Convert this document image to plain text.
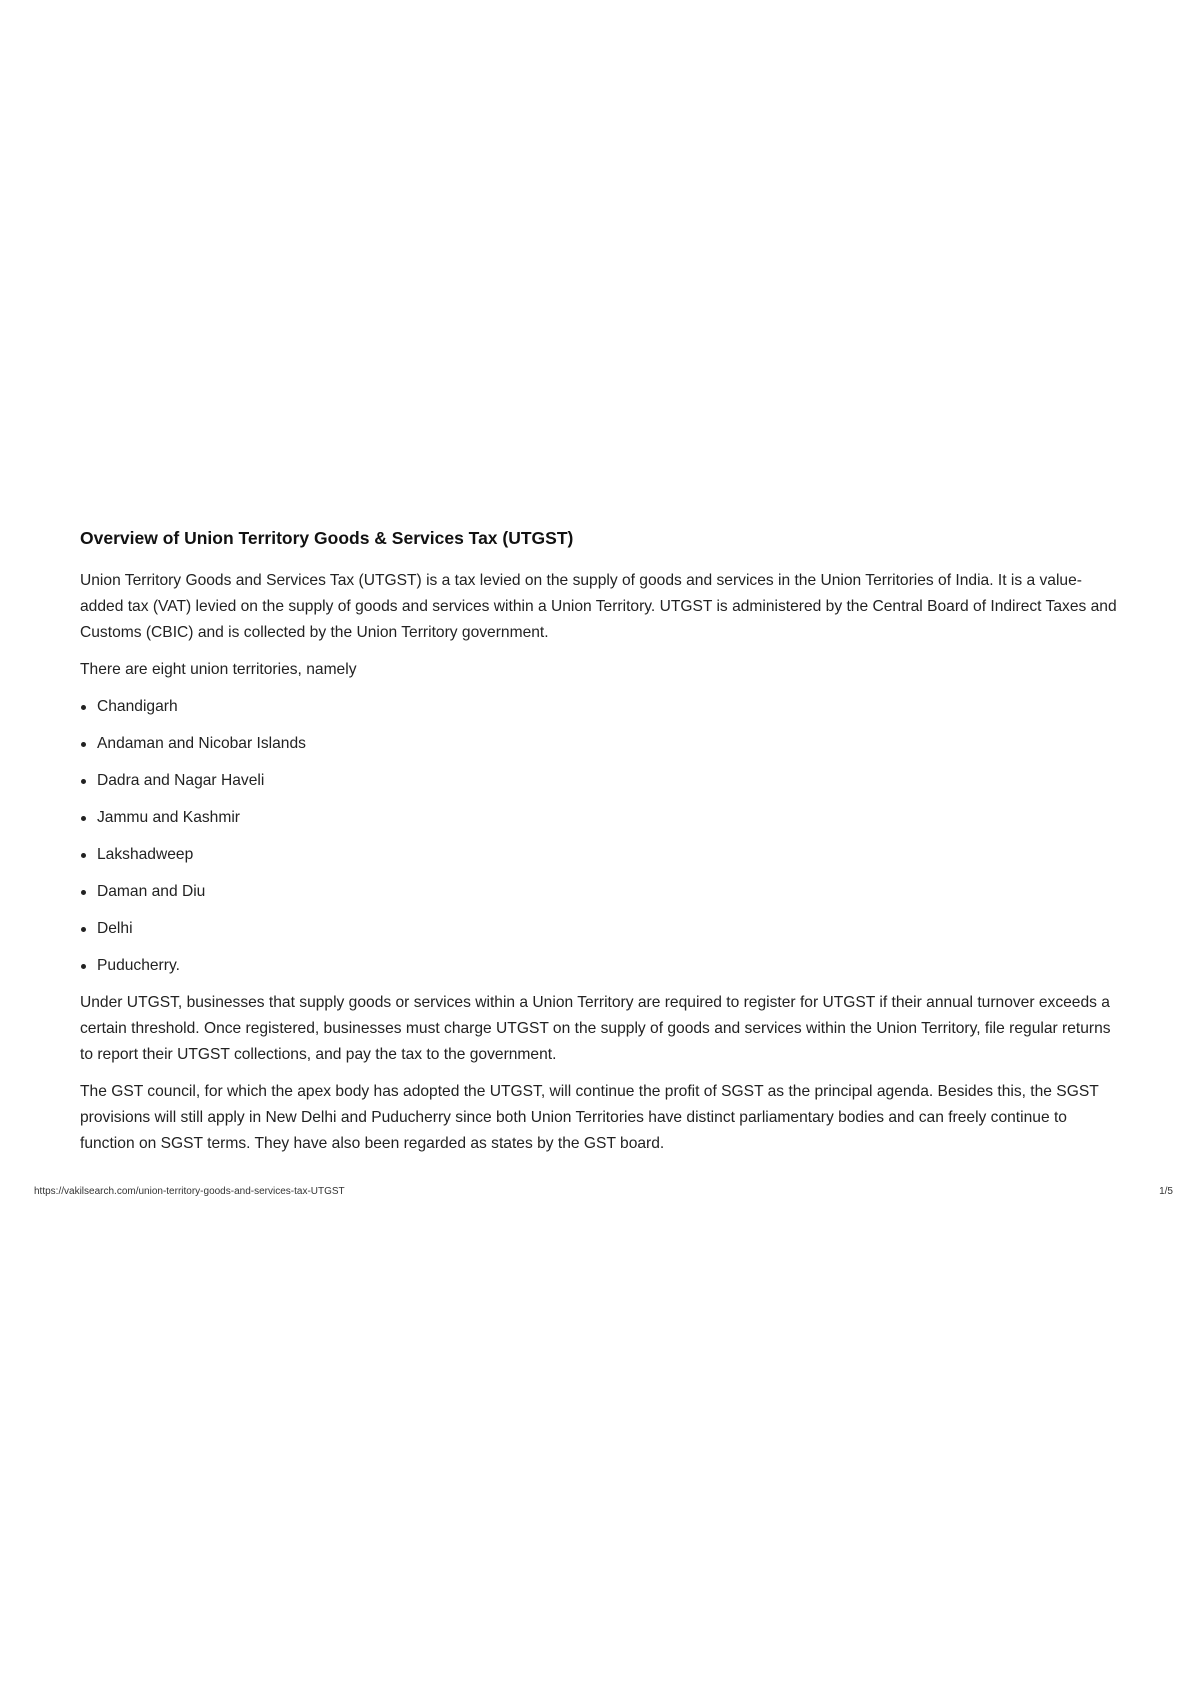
Overview of Union Territory Goods & Services Tax (UTGST)

Union Territory Goods and Services Tax (UTGST) is a tax levied on the supply of goods and services in the Union Territories of India. It is a value-added tax (VAT) levied on the supply of goods and services within a Union Territory. UTGST is administered by the Central Board of Indirect Taxes and Customs (CBIC) and is collected by the Union Territory government.

There are eight union territories, namely

Chandigarh
Andaman and Nicobar Islands
Dadra and Nagar Haveli
Jammu and Kashmir
Lakshadweep
Daman and Diu
Delhi
Puducherry.

Under UTGST, businesses that supply goods or services within a Union Territory are required to register for UTGST if their annual turnover exceeds a certain threshold. Once registered, businesses must charge UTGST on the supply of goods and services within the Union Territory, file regular returns to report their UTGST collections, and pay the tax to the government.

The GST council, for which the apex body has adopted the UTGST, will continue the profit of SGST as the principal agenda. Besides this, the SGST provisions will still apply in New Delhi and Puducherry since both Union Territories have distinct parliamentary bodies and can freely continue to function on SGST terms. They have also been regarded as states by the GST board.

https://vakilsearch.com/union-territory-goods-and-services-tax-UTGST	1/5
